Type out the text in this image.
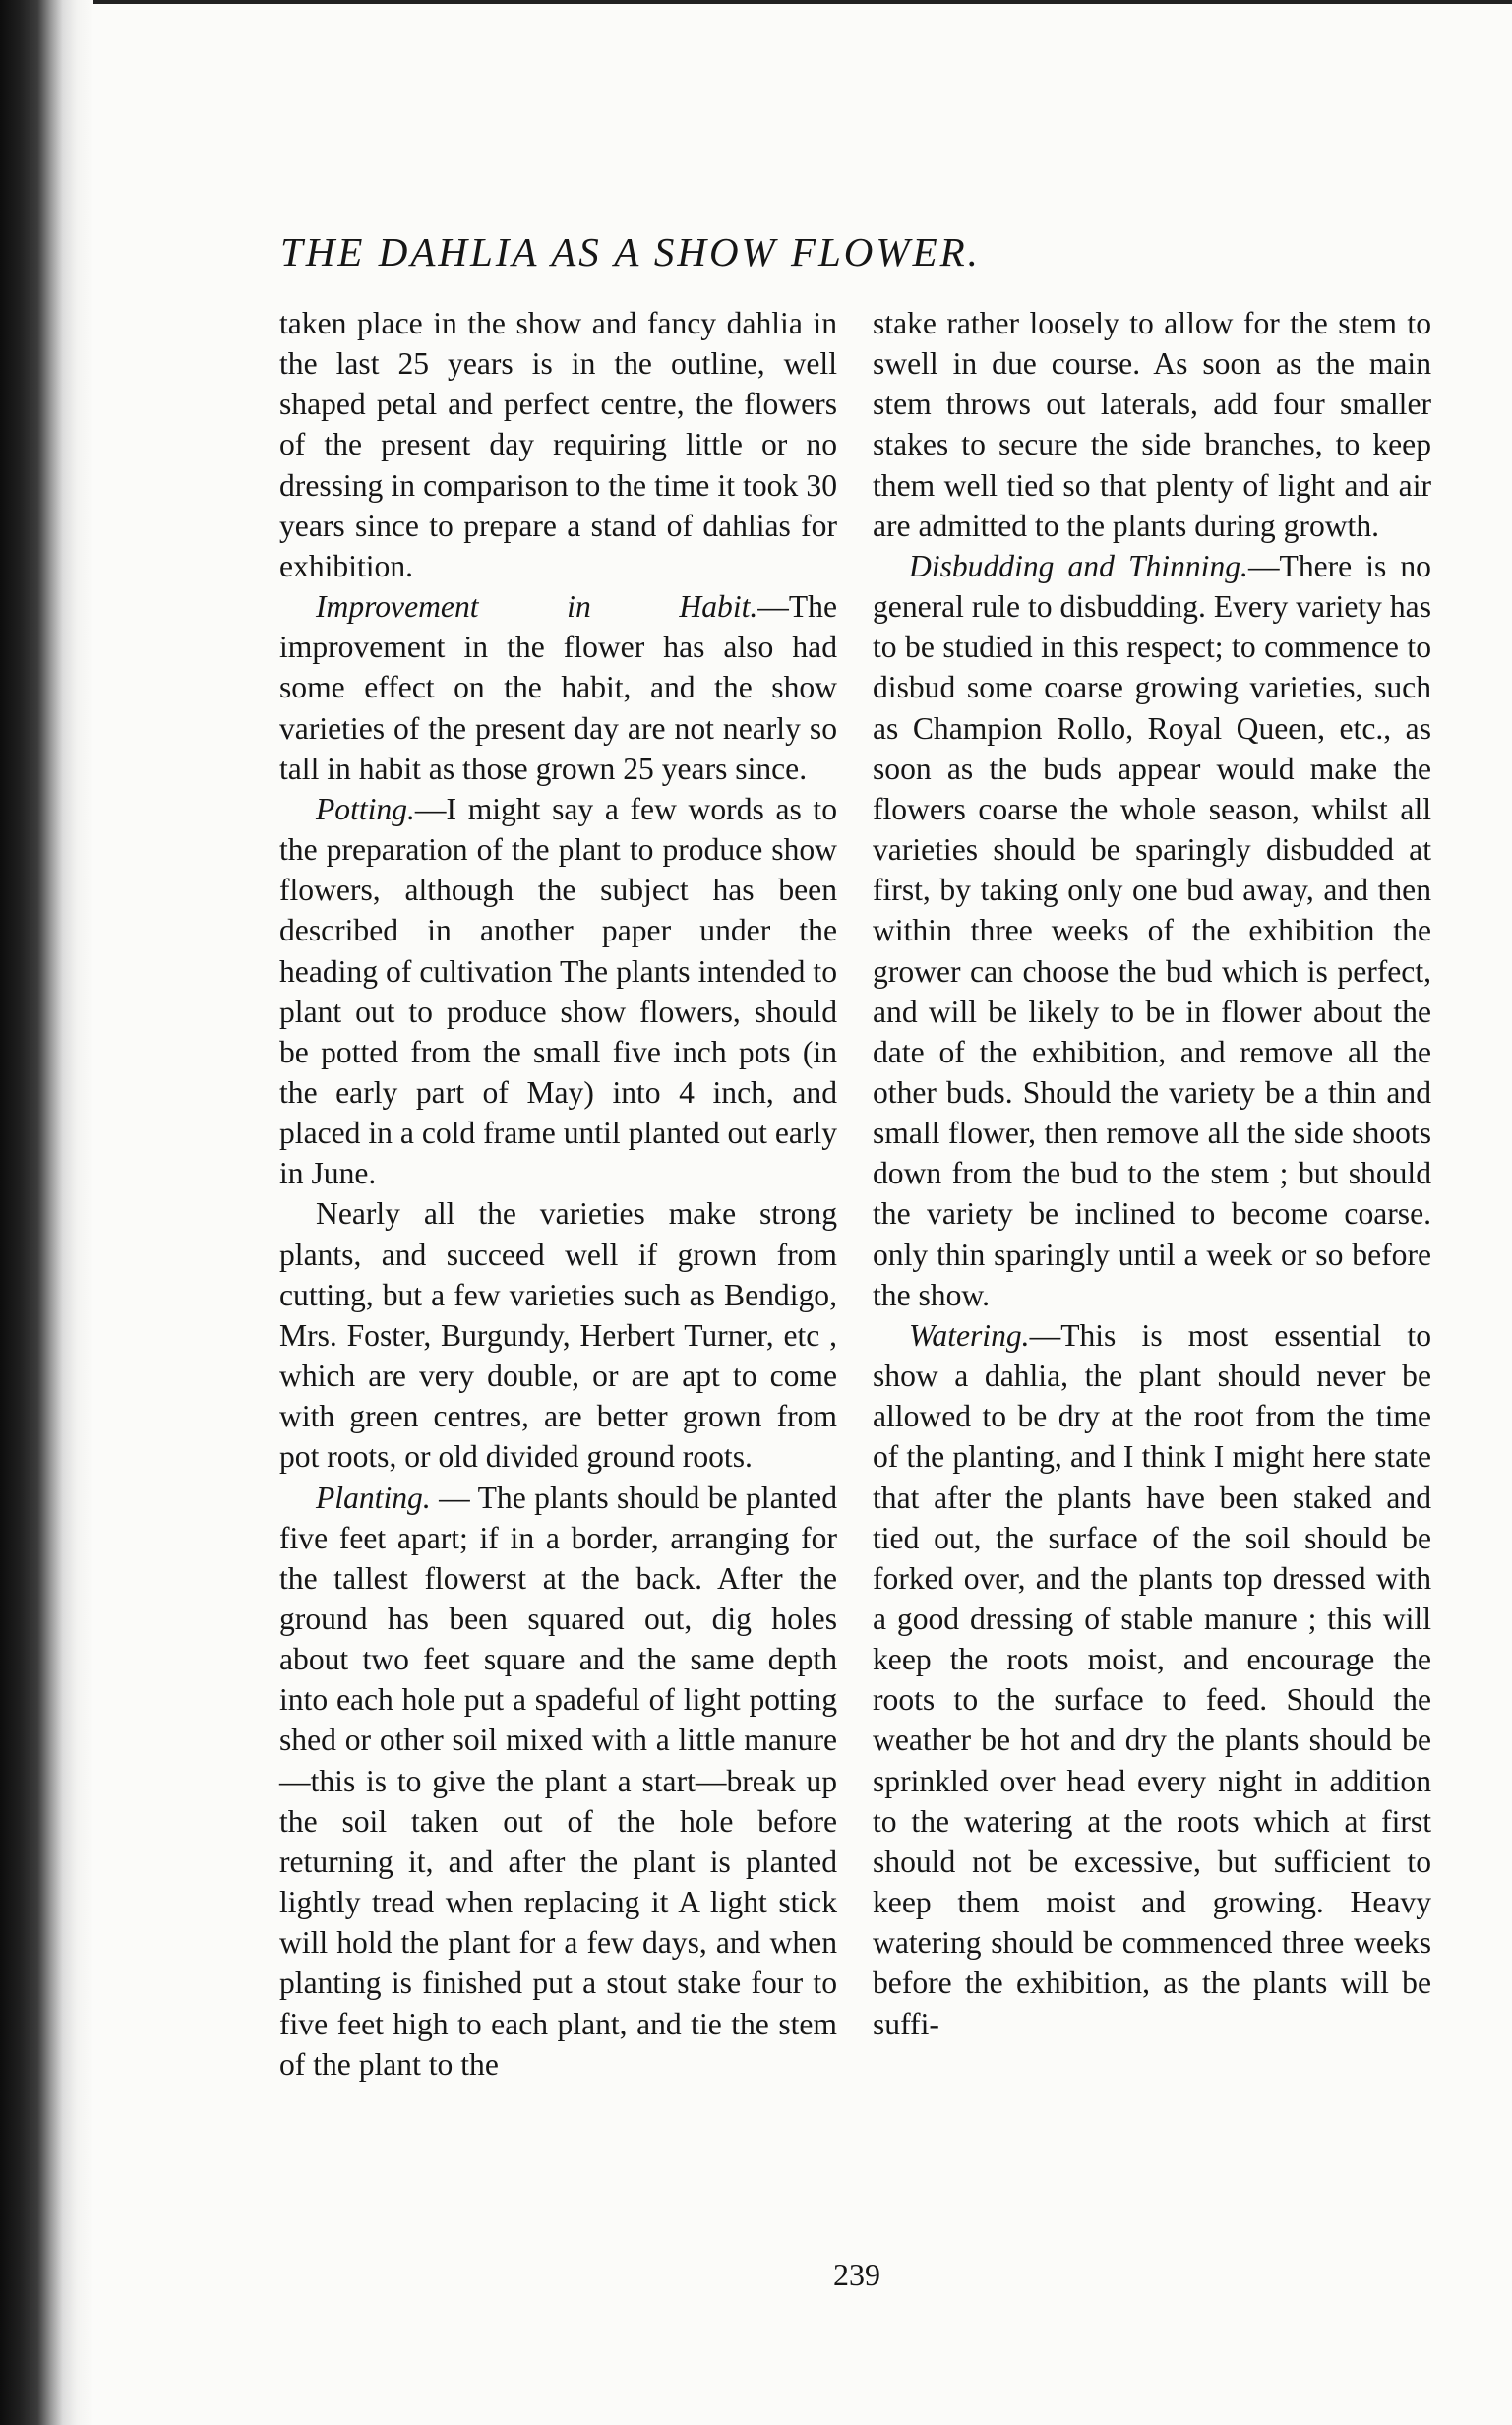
THE DAHLIA AS A SHOW FLOWER.

taken place in the show and fancy dahlia in the last 25 years is in the outline, well shaped petal and perfect centre, the flowers of the present day requiring little or no dressing in comparison to the time it took 30 years since to prepare a stand of dahlias for exhibition.

Improvement in Habit.—The improvement in the flower has also had some effect on the habit, and the show varieties of the present day are not nearly so tall in habit as those grown 25 years since.

Potting.—I might say a few words as to the preparation of the plant to produce show flowers, although the subject has been described in another paper under the heading of cultivation The plants intended to plant out to produce show flowers, should be potted from the small five inch pots (in the early part of May) into 4 inch, and placed in a cold frame until planted out early in June.

Nearly all the varieties make strong plants, and succeed well if grown from cutting, but a few varieties such as Bendigo, Mrs. Foster, Burgundy, Herbert Turner, etc , which are very double, or are apt to come with green centres, are better grown from pot roots, or old divided ground roots.

Planting. — The plants should be planted five feet apart; if in a border, arranging for the tallest flowerst at the back. After the ground has been squared out, dig holes about two feet square and the same depth into each hole put a spadeful of light potting shed or other soil mixed with a little manure—this is to give the plant a start—break up the soil taken out of the hole before returning it, and after the plant is planted lightly tread when replacing it A light stick will hold the plant for a few days, and when planting is finished put a stout stake four to five feet high to each plant, and tie the stem of the plant to the

stake rather loosely to allow for the stem to swell in due course. As soon as the main stem throws out laterals, add four smaller stakes to secure the side branches, to keep them well tied so that plenty of light and air are admitted to the plants during growth.

Disbudding and Thinning.—There is no general rule to disbudding. Every variety has to be studied in this respect; to commence to disbud some coarse growing varieties, such as Champion Rollo, Royal Queen, etc., as soon as the buds appear would make the flowers coarse the whole season, whilst all varieties should be sparingly disbudded at first, by taking only one bud away, and then within three weeks of the exhibition the grower can choose the bud which is perfect, and will be likely to be in flower about the date of the exhibition, and remove all the other buds. Should the variety be a thin and small flower, then remove all the side shoots down from the bud to the stem ; but should the variety be inclined to become coarse. only thin sparingly until a week or so before the show.

Watering.—This is most essential to show a dahlia, the plant should never be allowed to be dry at the root from the time of the planting, and I think I might here state that after the plants have been staked and tied out, the surface of the soil should be forked over, and the plants top dressed with a good dressing of stable manure ; this will keep the roots moist, and encourage the roots to the surface to feed. Should the weather be hot and dry the plants should be sprinkled over head every night in addition to the watering at the roots which at first should not be excessive, but sufficient to keep them moist and growing. Heavy watering should be commenced three weeks before the exhibition, as the plants will be suffi-

239
